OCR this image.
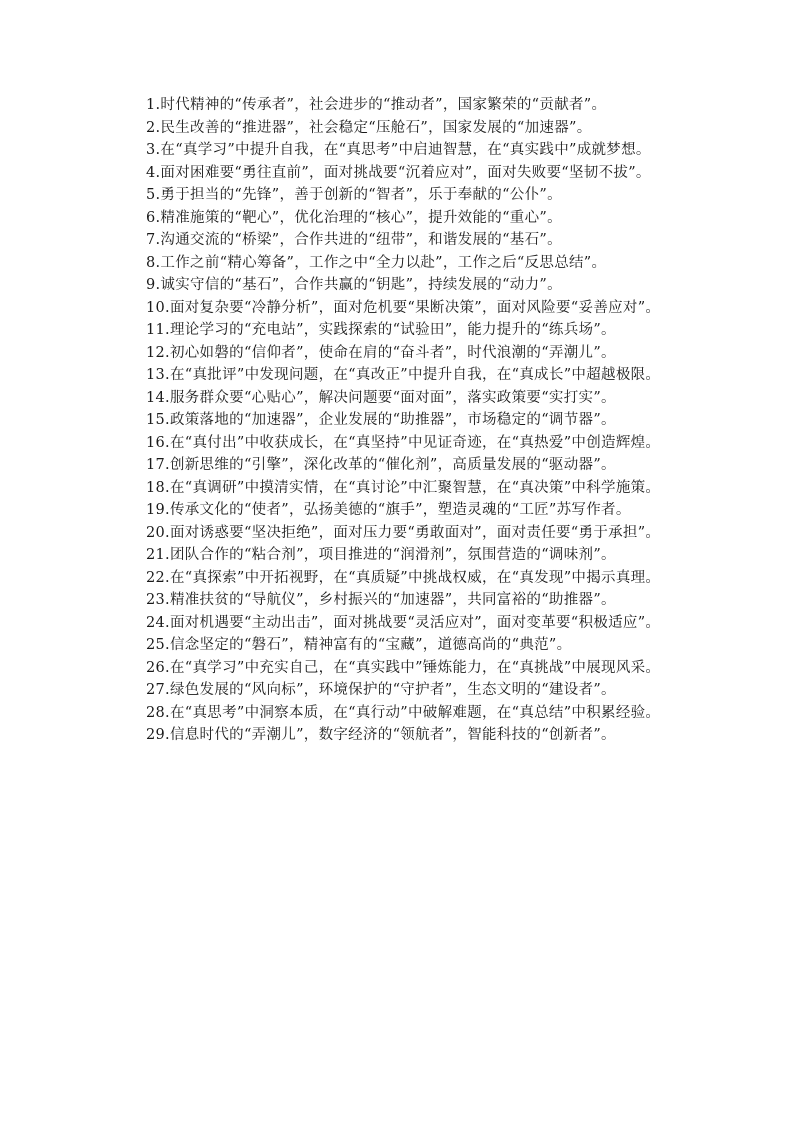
1.时代精神的“传承者”，社会进步的“推动者”，国家繁荣的“贡献者”。

2.民生改善的“推进器”，社会稳定“压舱石”，国家发展的“加速器”。

3.在“真学习”中提升自我，在“真思考”中启迪智慧，在“真实践中”成就梦想。

4.面对困难要“勇往直前”，面对挑战要“沉着应对”，面对失败要“坚韧不拔”。

5.勇于担当的“先锋”，善于创新的“智者”，乐于奉献的“公仆”。

6.精准施策的“靶心”，优化治理的“核心”，提升效能的“重心”。

7.沟通交流的“桥梁”，合作共进的“纽带”，和谐发展的“基石”。

8.工作之前“精心筹备”，工作之中“全力以赴”，工作之后“反思总结”。

9.诚实守信的“基石”，合作共赢的“钥匙”，持续发展的“动力”。

10.面对复杂要“冷静分析”，面对危机要“果断决策”，面对风险要“妥善应对”。

11.理论学习的“充电站”，实践探索的“试验田”，能力提升的“练兵场”。

12.初心如磐的“信仰者”，使命在肩的“奋斗者”，时代浪潮的“弄潮儿”。

13.在“真批评”中发现问题，在“真改正”中提升自我，在“真成长”中超越极限。

14.服务群众要“心贴心”，解决问题要“面对面”，落实政策要“实打实”。

15.政策落地的“加速器”，企业发展的“助推器”，市场稳定的“调节器”。

16.在“真付出”中收获成长，在“真坚持”中见证奇迹，在“真热爱”中创造辉煌。

17.创新思维的“引擎”，深化改革的“催化剂”，高质量发展的“驱动器”。

18.在“真调研”中摸清实情，在“真讨论”中汇聚智慧，在“真决策”中科学施策。

19.传承文化的“使者”，弘扬美德的“旗手”，塑造灵魂的“工匠”苏写作者。

20.面对诱惑要“坚决拒绝”，面对压力要“勇敢面对”，面对责任要“勇于承担”。

21.团队合作的“粘合剂”，项目推进的“润滑剂”，氛围营造的“调味剂”。

22.在“真探索”中开拓视野，在“真质疑”中挑战权威，在“真发现”中揭示真理。

23.精准扶贫的“导航仪”，乡村振兴的“加速器”，共同富裕的“助推器”。

24.面对机遇要“主动出击”，面对挑战要“灵活应对”，面对变革要“积极适应”。

25.信念坚定的“磐石”，精神富有的“宝藏”，道德高尚的“典范”。

26.在“真学习”中充实自己，在“真实践中”锤炼能力，在“真挑战”中展现风采。

27.绿色发展的“风向标”，环境保护的“守护者”，生态文明的“建设者”。

28.在“真思考”中洞察本质，在“真行动”中破解难题，在“真总结”中积累经验。

29.信息时代的“弄潮儿”，数字经济的“领航者”，智能科技的“创新者”。
